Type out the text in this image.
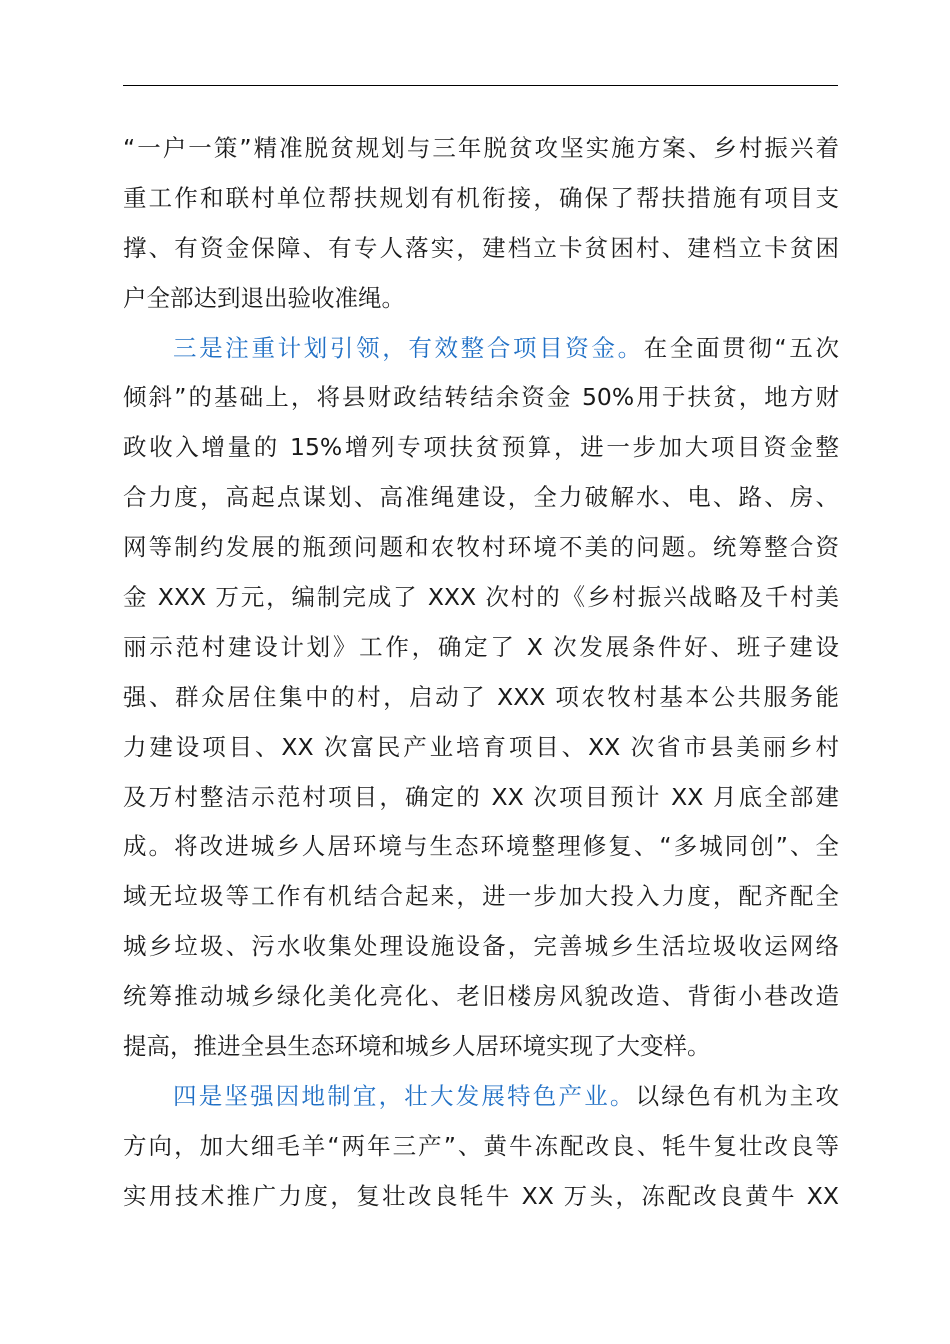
“一户一策”精准脱贫规划与三年脱贫攻坚实施方案、乡村振兴着
重工作和联村单位帮扶规划有机衔接，确保了帮扶措施有项目支
撑、有资金保障、有专人落实，建档立卡贫困村、建档立卡贫困
户全部达到退出验收准绳。
三是注重计划引领，有效整合项目资金。在全面贯彻“五次
倾斜”的基础上，将县财政结转结余资金 50%用于扶贫，地方财
政收入增量的 15%增列专项扶贫预算，进一步加大项目资金整
合力度，高起点谋划、高准绳建设，全力破解水、电、路、房、
网等制约发展的瓶颈问题和农牧村环境不美的问题。统筹整合资
金 XXX 万元，编制完成了 XXX 次村的《乡村振兴战略及千村美
丽示范村建设计划》工作，确定了 X 次发展条件好、班子建设
强、群众居住集中的村，启动了 XXX 项农牧村基本公共服务能
力建设项目、XX 次富民产业培育项目、XX 次省市县美丽乡村
及万村整洁示范村项目，确定的 XX 次项目预计 XX 月底全部建
成。将改进城乡人居环境与生态环境整理修复、“多城同创”、全
域无垃圾等工作有机结合起来，进一步加大投入力度，配齐配全
城乡垃圾、污水收集处理设施设备，完善城乡生活垃圾收运网络
统筹推动城乡绿化美化亮化、老旧楼房风貌改造、背街小巷改造
提高，推进全县生态环境和城乡人居环境实现了大变样。
四是坚强因地制宜，壮大发展特色产业。以绿色有机为主攻
方向，加大细毛羊“两年三产”、黄牛冻配改良、牦牛复壮改良等
实用技术推广力度，复壮改良牦牛 XX 万头，冻配改良黄牛 XX
